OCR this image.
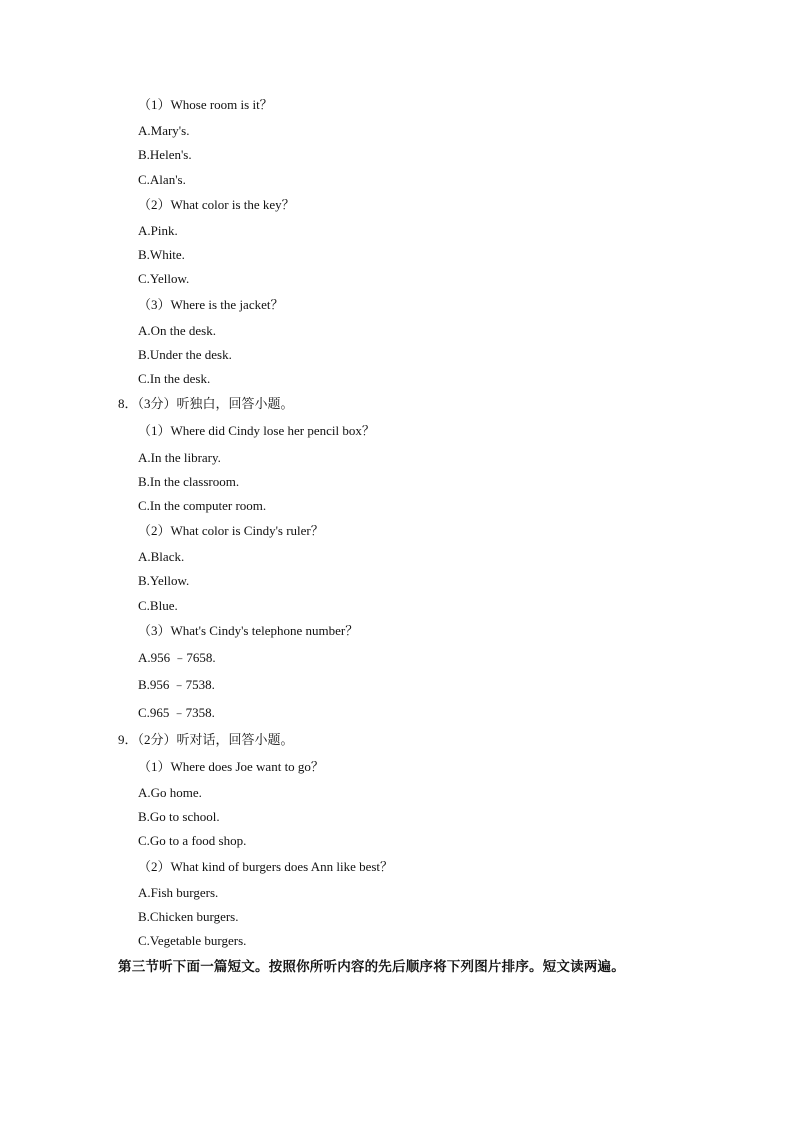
（1）Whose room is it？
A.Mary's.
B.Helen's.
C.Alan's.
（2）What color is the key？
A.Pink.
B.White.
C.Yellow.
（3）Where is the jacket？
A.On the desk.
B.Under the desk.
C.In the desk.
8．（3分）听独白，回答小题。
（1）Where did Cindy lose her pencil box？
A.In the library.
B.In the classroom.
C.In the computer room.
（2）What color is Cindy's ruler？
A.Black.
B.Yellow.
C.Blue.
（3）What's Cindy's telephone number？
A.956 ﹣7658.
B.956 ﹣7538.
C.965 ﹣7358.
9．（2分）听对话，回答小题。
（1）Where does Joe want to go？
A.Go home.
B.Go to school.
C.Go to a food shop.
（2）What kind of burgers does Ann like best？
A.Fish burgers.
B.Chicken burgers.
C.Vegetable burgers.
第三节听下面一篇短文。按照你所听内容的先后顺序将下列图片排序。短文读两遍。
